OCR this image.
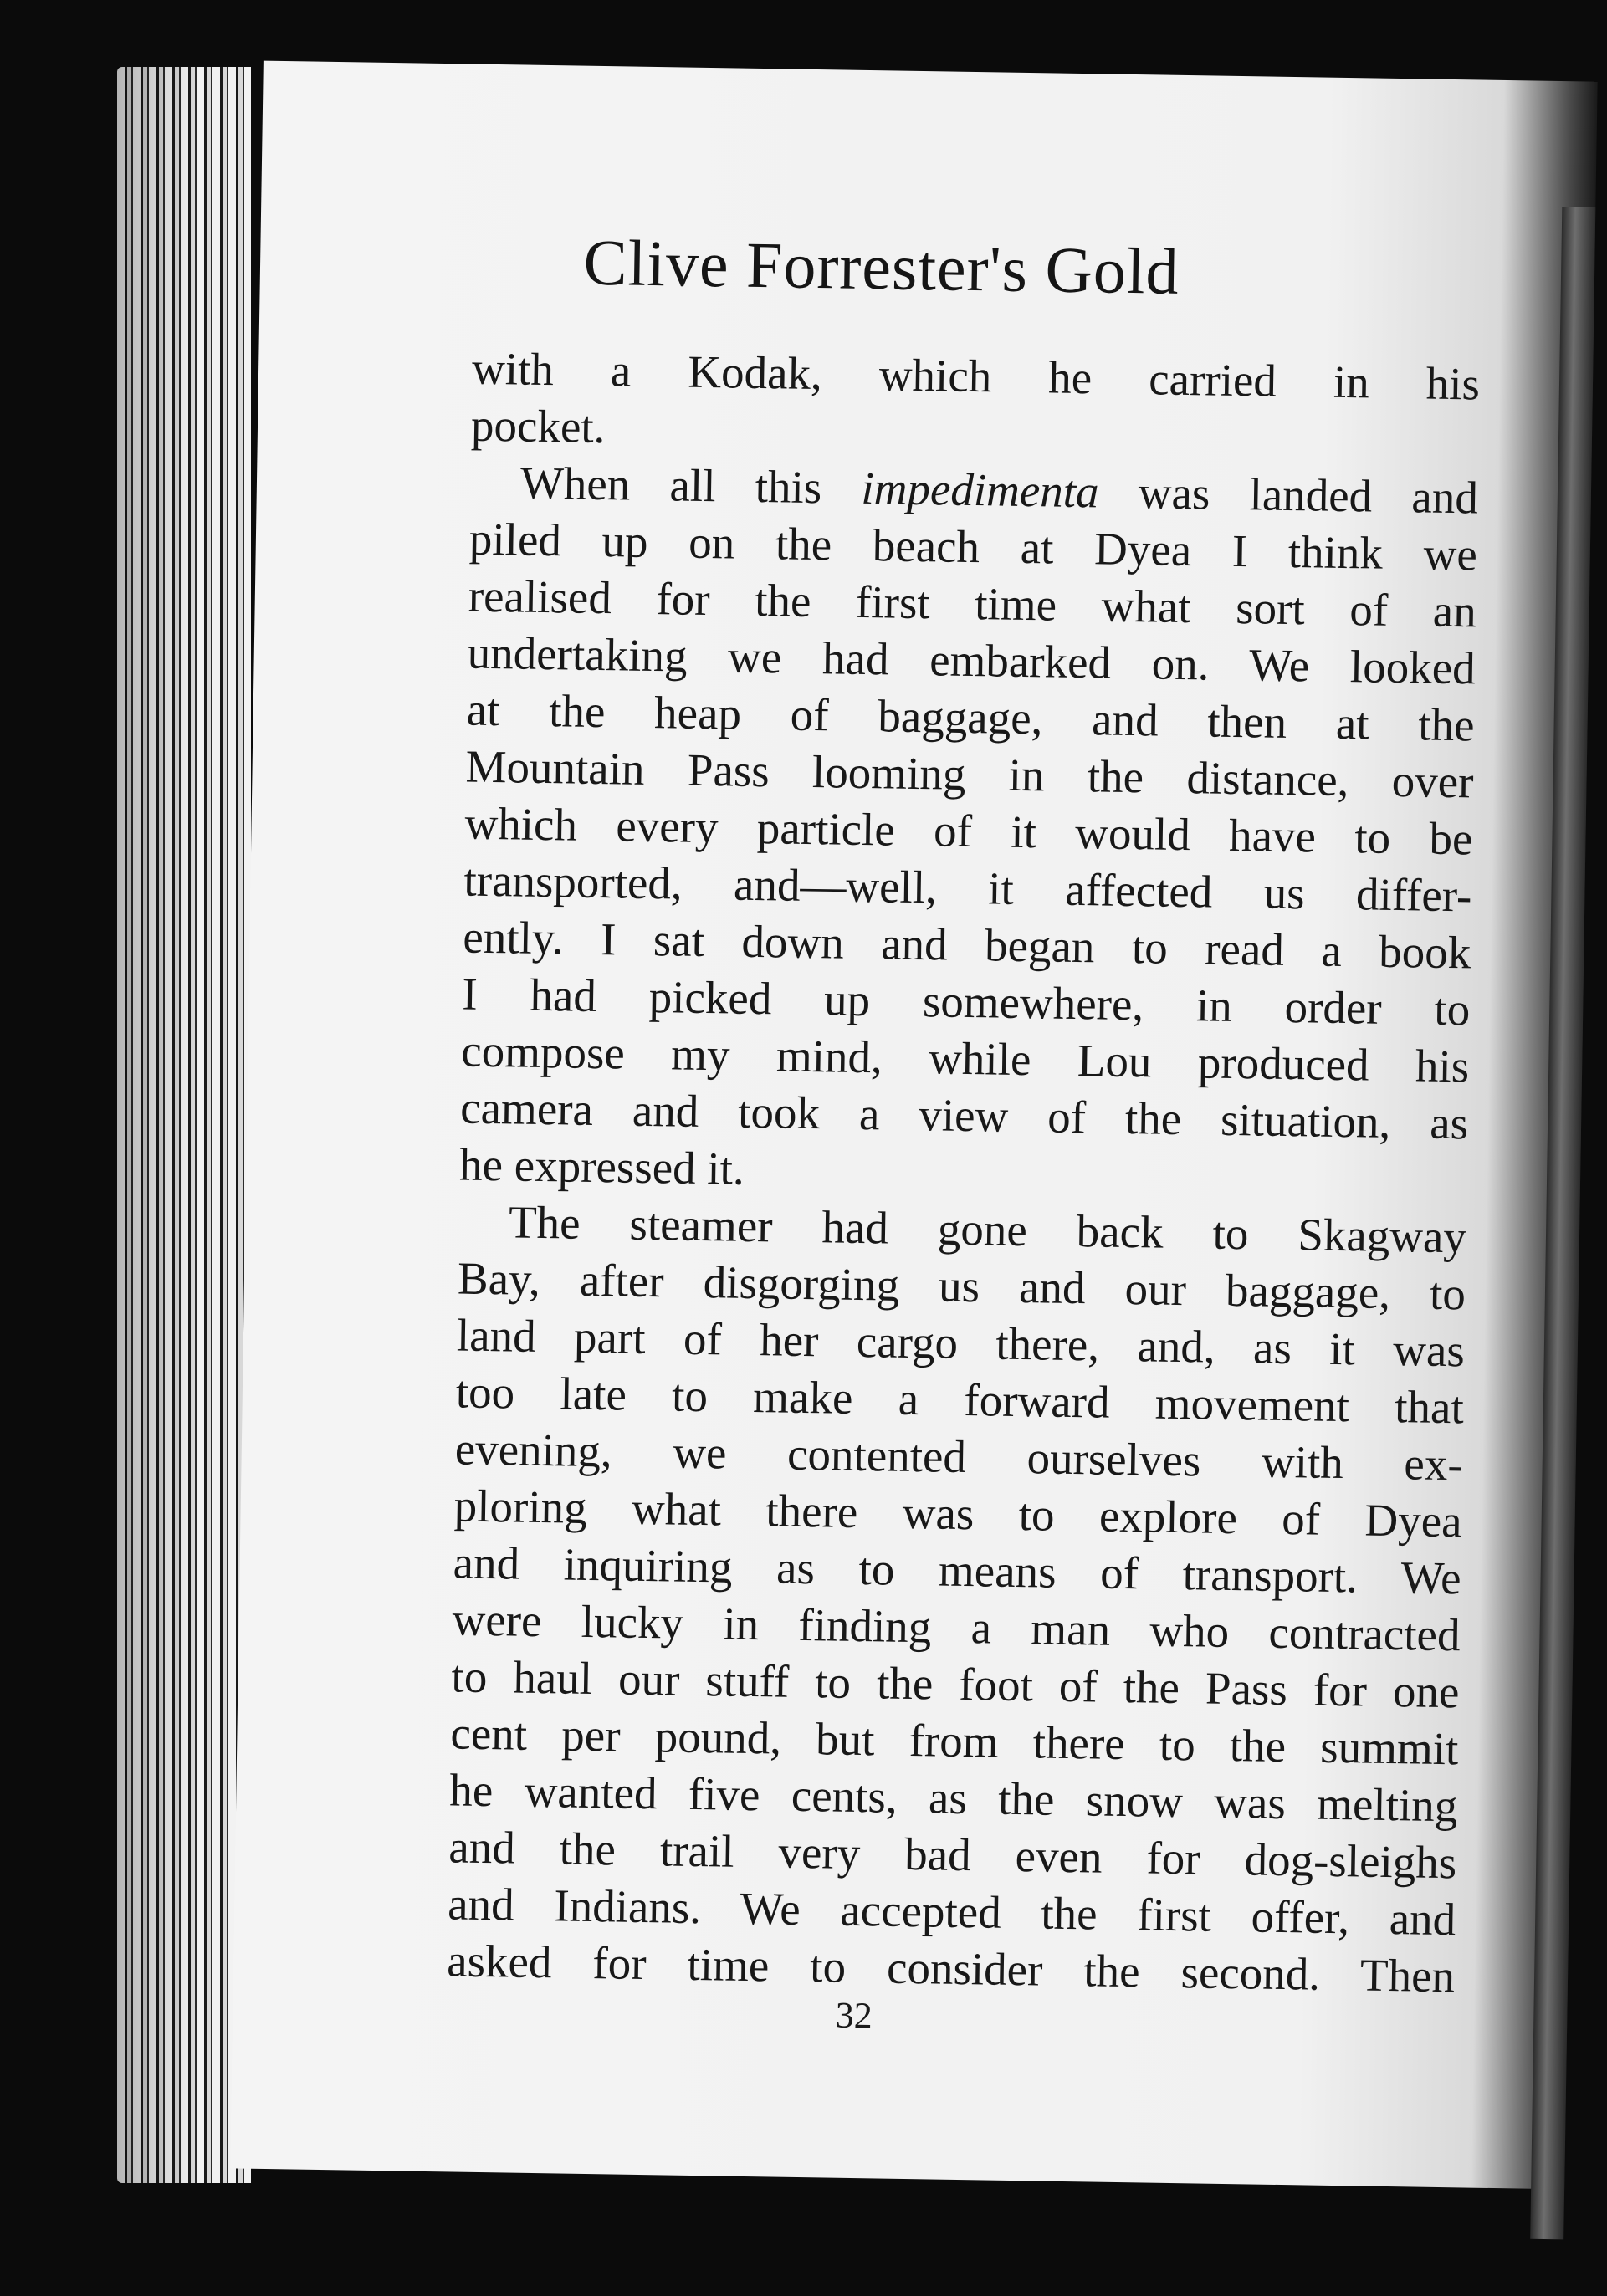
Clive Forrester's Gold

with a Kodak, which he carried in his
pocket.

When all this impedimenta was landed and
piled up on the beach at Dyea I think we
realised for the first time what sort of an
undertaking we had embarked on. We looked
at the heap of baggage, and then at the
Mountain Pass looming in the distance, over
which every particle of it would have to be
transported, and—well, it affected us differ-
ently. I sat down and began to read a book
I had picked up somewhere, in order to
compose my mind, while Lou produced his
camera and took a view of the situation, as
he expressed it.

The steamer had gone back to Skagway
Bay, after disgorging us and our baggage, to
land part of her cargo there, and, as it was
too late to make a forward movement that
evening, we contented ourselves with ex-
ploring what there was to explore of Dyea
and inquiring as to means of transport. We
were lucky in finding a man who contracted
to haul our stuff to the foot of the Pass for one
cent per pound, but from there to the summit
he wanted five cents, as the snow was melting
and the trail very bad even for dog-sleighs
and Indians. We accepted the first offer, and
asked for time to consider the second. Then

32
